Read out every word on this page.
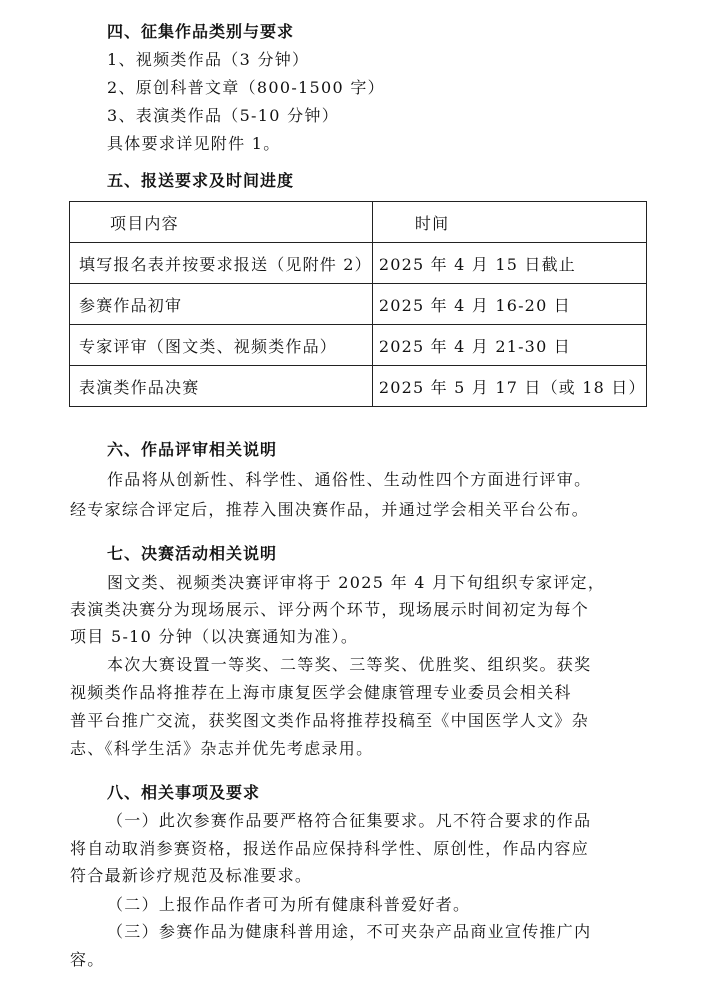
四、征集作品类别与要求
1、视频类作品（3 分钟）
2、原创科普文章（800-1500 字）
3、表演类作品（5-10 分钟）
具体要求详见附件 1。
五、报送要求及时间进度
项目内容	时间
填写报名表并按要求报送（见附件 2）	2025 年 4 月 15 日截止
参赛作品初审	2025 年 4 月 16-20 日
专家评审（图文类、视频类作品）	2025 年 4 月 21-30 日
表演类作品决赛	2025 年 5 月 17 日（或 18 日）
六、作品评审相关说明
作品将从创新性、科学性、通俗性、生动性四个方面进行评审。
经专家综合评定后，推荐入围决赛作品，并通过学会相关平台公布。
七、决赛活动相关说明
图文类、视频类决赛评审将于 2025 年 4 月下旬组织专家评定，
表演类决赛分为现场展示、评分两个环节，现场展示时间初定为每个
项目 5-10 分钟（以决赛通知为准）。
本次大赛设置一等奖、二等奖、三等奖、优胜奖、组织奖。获奖
视频类作品将推荐在上海市康复医学会健康管理专业委员会相关科
普平台推广交流，获奖图文类作品将推荐投稿至《中国医学人文》杂
志、《科学生活》杂志并优先考虑录用。
八、相关事项及要求
（一）此次参赛作品要严格符合征集要求。凡不符合要求的作品
将自动取消参赛资格，报送作品应保持科学性、原创性，作品内容应
符合最新诊疗规范及标准要求。
（二）上报作品作者可为所有健康科普爱好者。
（三）参赛作品为健康科普用途，不可夹杂产品商业宣传推广内
容。
